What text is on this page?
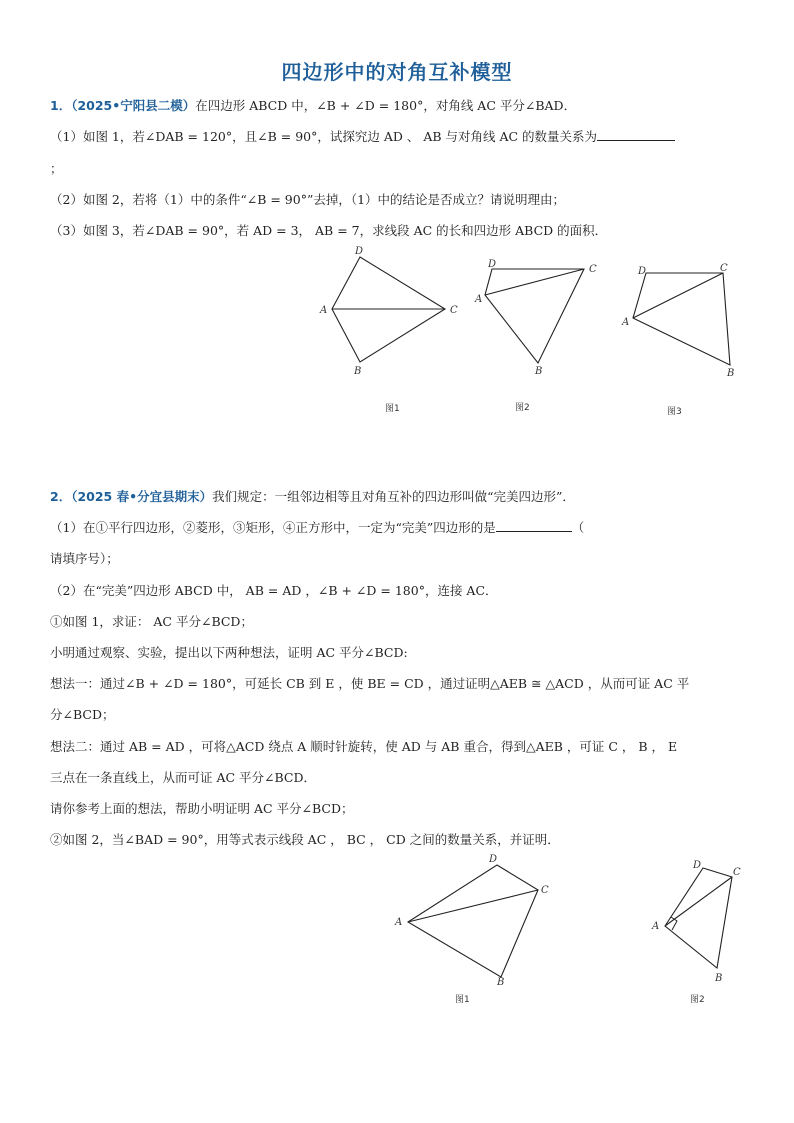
四边形中的对角互补模型
1．（2025•宁阳县二模）在四边形 ABCD 中，∠B + ∠D = 180°，对角线 AC 平分∠BAD．
（1）如图 1，若∠DAB = 120°，且∠B = 90°，试探究边 AD 、 AB 与对角线 AC 的数量关系为
；
（2）如图 2，若将（1）中的条件“∠B = 90°”去掉，（1）中的结论是否成立？请说明理由；
（3）如图 3，若∠DAB = 90°，若 AD = 3， AB = 7，求线段 AC 的长和四边形 ABCD 的面积．
D
A
B
C
图1
D
A
B
C
图2
D
A
B
C
图3
2．（2025 春•分宜县期末）我们规定：一组邻边相等且对角互补的四边形叫做“完美四边形”．
（1）在①平行四边形，②菱形，③矩形，④正方形中，一定为“完美”四边形的是	（
请填序号）；
（2）在“完美”四边形 ABCD 中， AB = AD ，∠B + ∠D = 180°，连接 AC．
①如图 1，求证： AC 平分∠BCD；
小明通过观察、实验，提出以下两种想法，证明 AC 平分∠BCD:
想法一：通过∠B + ∠D = 180°，可延长 CB 到 E ，使 BE = CD ，通过证明△AEB ≅ △ACD ，从而可证 AC 平
分∠BCD；
想法二：通过 AB = AD ，可将△ACD 绕点 A 顺时针旋转，使 AD 与 AB 重合，得到△AEB ，可证 C ， B ， E
三点在一条直线上，从而可证 AC 平分∠BCD．
请你参考上面的想法，帮助小明证明 AC 平分∠BCD；
②如图 2，当∠BAD = 90°，用等式表示线段 AC ， BC ， CD 之间的数量关系，并证明．
D
A
B
C
图1
D
A
B
C
图2
